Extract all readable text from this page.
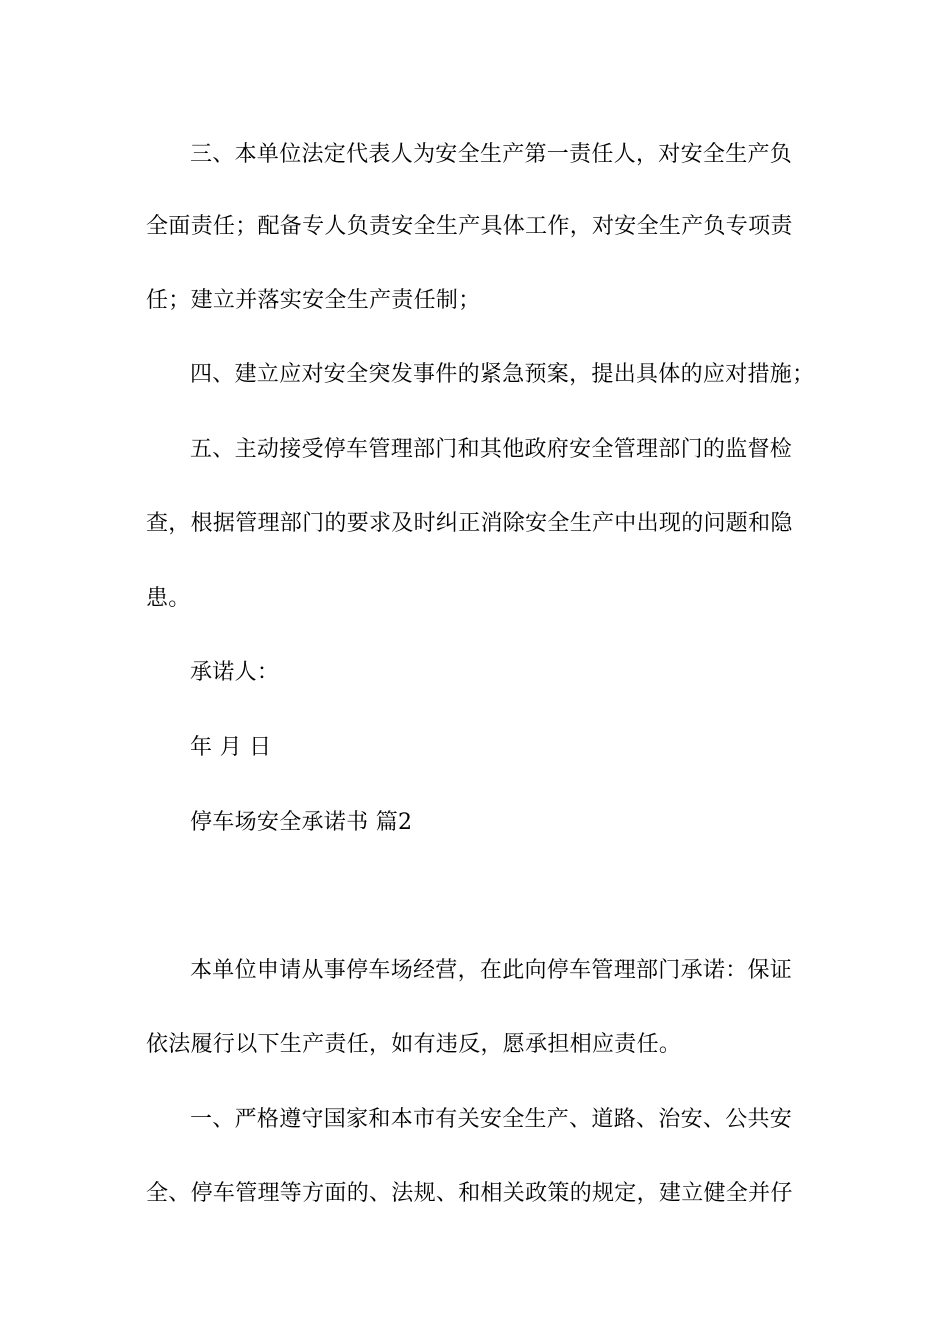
三、本单位法定代表人为安全生产第一责任人，对安全生产负
全面责任；配备专人负责安全生产具体工作，对安全生产负专项责
任；建立并落实安全生产责任制；
四、建立应对安全突发事件的紧急预案，提出具体的应对措施；
五、主动接受停车管理部门和其他政府安全管理部门的监督检
查，根据管理部门的要求及时纠正消除安全生产中出现的问题和隐
患。
承诺人：
年 月 日
停车场安全承诺书 篇2
本单位申请从事停车场经营，在此向停车管理部门承诺：保证
依法履行以下生产责任，如有违反，愿承担相应责任。
一、严格遵守国家和本市有关安全生产、道路、治安、公共安
全、停车管理等方面的、法规、和相关政策的规定，建立健全并仔
